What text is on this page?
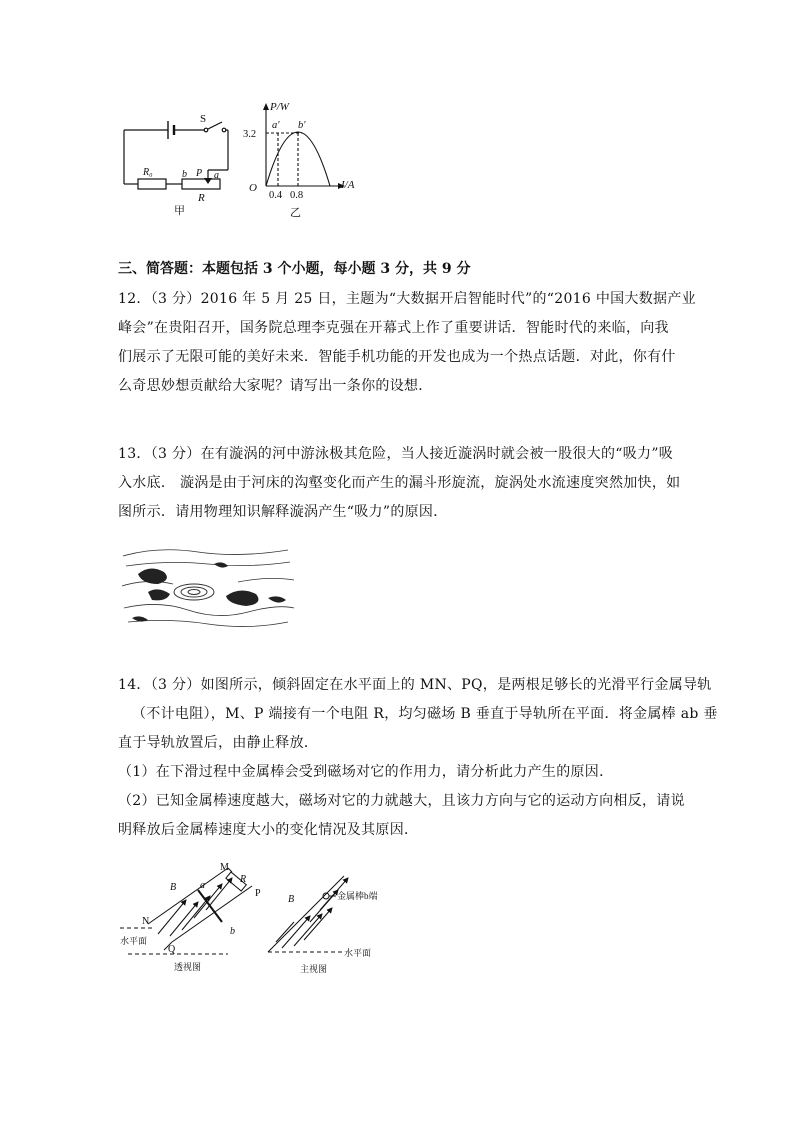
S
R₀	b P a
R
甲
P/W
I/A
O
3.2
0.4 0.8
a′ b′
乙
三、简答题：本题包括 3 个小题，每小题 3 分，共 9 分
12．（3 分）2016 年 5 月 25 日，主题为“大数据开启智能时代”的“2016 中国大数据产业
峰会”在贵阳召开，国务院总理李克强在开幕式上作了重要讲话．智能时代的来临，向我
们展示了无限可能的美好未来．智能手机功能的开发也成为一个热点话题．对此，你有什
么奇思妙想贡献给大家呢？请写出一条你的设想．
13．（3 分）在有漩涡的河中游泳极其危险，当人接近漩涡时就会被一股很大的“吸力”吸
入水底． 漩涡是由于河床的沟壑变化而产生的漏斗形旋流，旋涡处水流速度突然加快，如
图所示．请用物理知识解释漩涡产生“吸力”的原因．
14．（3 分）如图所示，倾斜固定在水平面上的 MN、PQ，是两根足够长的光滑平行金属导轨
（不计电阻），M、P 端接有一个电阻 R，均匀磁场 B 垂直于导轨所在平面．将金属棒 ab 垂
直于导轨放置后，由静止释放．
（1）在下滑过程中金属棒会受到磁场对它的作用力，请分析此力产生的原因．
（2）已知金属棒速度越大，磁场对它的力就越大，且该力方向与它的运动方向相反，请说
明释放后金属棒速度大小的变化情况及其原因．
M
R
P
B a
N
b
Q
水平面
透视图
B	金属棒b端
水平面
主视图
